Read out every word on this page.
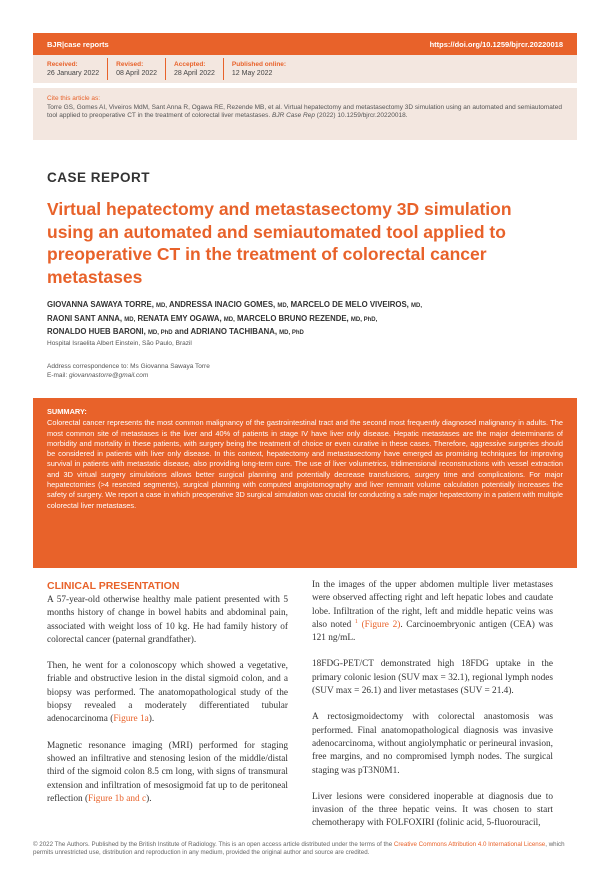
BJR|case reports	https://doi.org/10.1259/bjrcr.20220018
Received:
26 January 2022
Revised:
08 April 2022
Accepted:
28 April 2022
Published online:
12 May 2022
Cite this article as:
Torre GS, Gomes AI, Viveiros MdM, Sant Anna R, Ogawa RE, Rezende MB, et al. Virtual hepatectomy and metastasectomy 3D simulation using an automated and semiautomated tool applied to preoperative CT in the treatment of colorectal liver metastases. BJR Case Rep (2022) 10.1259/bjrcr.20220018.
CASE REPORT
Virtual hepatectomy and metastasectomy 3D simulation using an automated and semiautomated tool applied to preoperative CT in the treatment of colorectal cancer metastases
GIOVANNA SAWAYA TORRE, MD, ANDRESSA INACIO GOMES, MD, MARCELO DE MELO VIVEIROS, MD,
RAONI SANT ANNA, MD, RENATA EMY OGAWA, MD, MARCELO BRUNO REZENDE, MD, PhD,
RONALDO HUEB BARONI, MD, PhD and ADRIANO TACHIBANA, MD, PhD
Hospital Israelita Albert Einstein, São Paulo, Brazil
Address correspondence to: Ms Giovanna Sawaya Torre
E-mail: giovannastorre@gmail.com
SUMMARY:
Colorectal cancer represents the most common malignancy of the gastrointestinal tract and the second most frequently diagnosed malignancy in adults. The most common site of metastases is the liver and 40% of patients in stage IV have liver only disease. Hepatic metastases are the major determinants of morbidity and mortality in these patients, with surgery being the treatment of choice or even curative in these cases. Therefore, aggressive surgeries should be considered in patients with liver only disease. In this context, hepatectomy and metastasectomy have emerged as promising techniques for improving survival in patients with metastatic disease, also providing long-term cure. The use of liver volumetrics, tridimensional reconstructions with vessel extraction and 3D virtual surgery simulations allows better surgical planning and potentially decrease transfusions, surgery time and complications. For major hepatectomies (>4 resected segments), surgical planning with computed angiotomography and liver remnant volume calculation potentially increases the safety of surgery. We report a case in which preoperative 3D surgical simulation was crucial for conducting a safe major hepatectomy in a patient with multiple colorectal liver metastases.
CLINICAL PRESENTATION

A 57-year-old otherwise healthy male patient presented with 5 months history of change in bowel habits and abdominal pain, associated with weight loss of 10 kg. He had family history of colorectal cancer (paternal grandfather).

Then, he went for a colonoscopy which showed a vegetative, friable and obstructive lesion in the distal sigmoid colon, and a biopsy was performed. The anatomopathological study of the biopsy revealed a moderately differentiated tubular adenocarcinoma (Figure 1a).

Magnetic resonance imaging (MRI) performed for staging showed an infiltrative and stenosing lesion of the middle/distal third of the sigmoid colon 8.5 cm long, with signs of transmural extension and infiltration of mesosigmoid fat up to de peritoneal reflection (Figure 1b and c).

In the images of the upper abdomen multiple liver metastases were observed affecting right and left hepatic lobes and caudate lobe. Infiltration of the right, left and middle hepatic veins was also noted $^1$ (Figure 2). Carcinoembryonic antigen (CEA) was 121 ng/mL.

18FDG-PET/CT demonstrated high 18FDG uptake in the primary colonic lesion (SUV max = 32.1), regional lymph nodes (SUV max = 26.1) and liver metastases (SUV = 21.4).

A rectosigmoidectomy with colorectal anastomosis was performed. Final anatomopathological diagnosis was invasive adenocarcinoma, without angiolymphatic or perineural invasion, free margins, and no compromised lymph nodes. The surgical staging was pT3N0M1.

Liver lesions were considered inoperable at diagnosis due to invasion of the three hepatic veins. It was chosen to start chemotherapy with FOLFOXIRI (folinic acid, 5-fluorouracil,

© 2022 The Authors. Published by the British Institute of Radiology. This is an open access article distributed under the terms of the Creative Commons Attribution 4.0 International License, which permits unrestricted use, distribution and reproduction in any medium, provided the original author and source are credited.
